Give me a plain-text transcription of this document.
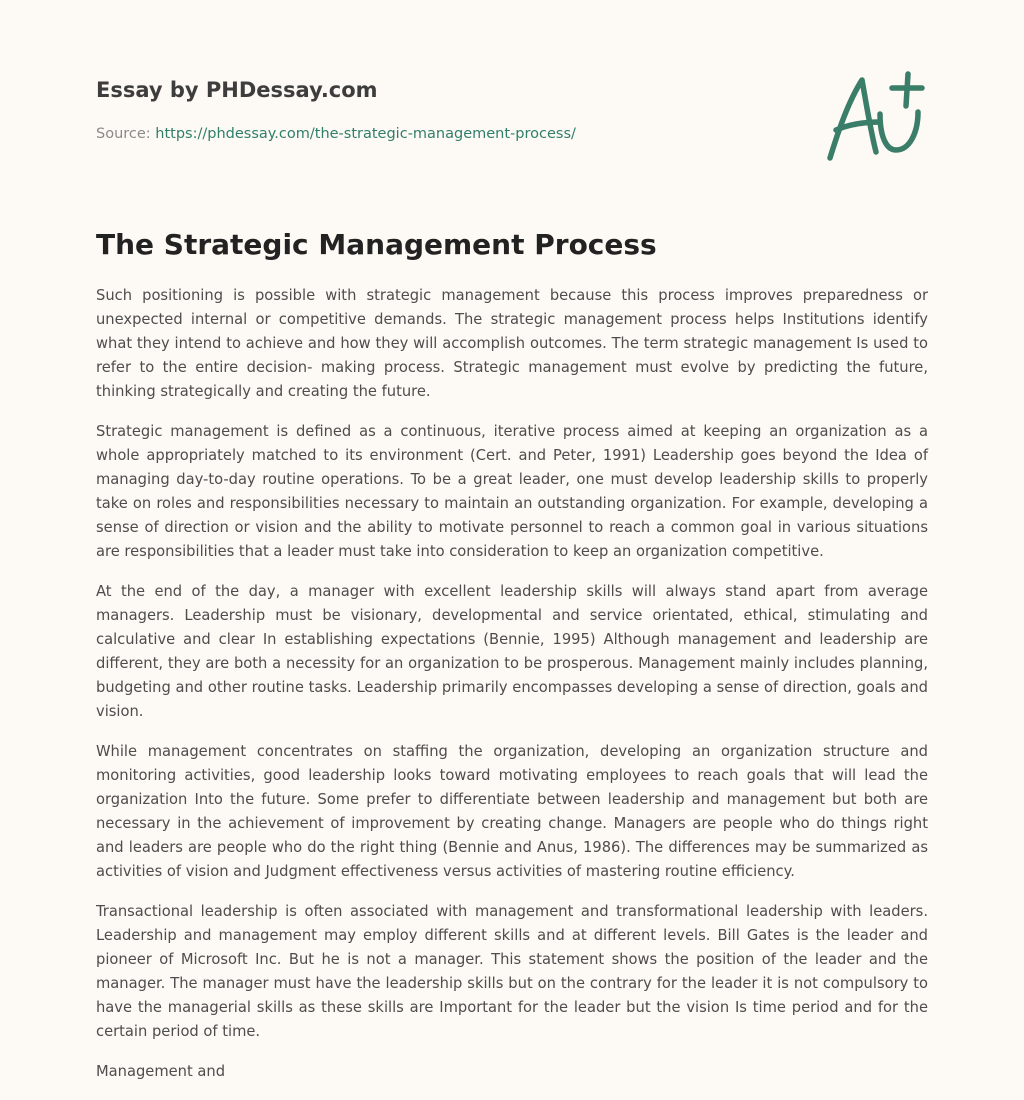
Essay by PHDessay.com
Source: https://phdessay.com/the-strategic-management-process/
The Strategic Management Process

Such positioning is possible with strategic management because this process improves preparedness or unexpected internal or competitive demands. The strategic management process helps Institutions identify what they intend to achieve and how they will accomplish outcomes. The term strategic management Is used to refer to the entire decision- making process. Strategic management must evolve by predicting the future, thinking strategically and creating the future.

Strategic management is defined as a continuous, iterative process aimed at keeping an organization as a whole appropriately matched to its environment (Cert. and Peter, 1991) Leadership goes beyond the Idea of managing day-to-day routine operations. To be a great leader, one must develop leadership skills to properly take on roles and responsibilities necessary to maintain an outstanding organization. For example, developing a sense of direction or vision and the ability to motivate personnel to reach a common goal in various situations are responsibilities that a leader must take into consideration to keep an organization competitive.

At the end of the day, a manager with excellent leadership skills will always stand apart from average managers. Leadership must be visionary, developmental and service orientated, ethical, stimulating and calculative and clear In establishing expectations (Bennie, 1995) Although management and leadership are different, they are both a necessity for an organization to be prosperous. Management mainly includes planning, budgeting and other routine tasks. Leadership primarily encompasses developing a sense of direction, goals and vision.

While management concentrates on staffing the organization, developing an organization structure and monitoring activities, good leadership looks toward motivating employees to reach goals that will lead the organization Into the future. Some prefer to differentiate between leadership and management but both are necessary in the achievement of improvement by creating change. Managers are people who do things right and leaders are people who do the right thing (Bennie and Anus, 1986). The differences may be summarized as activities of vision and Judgment effectiveness versus activities of mastering routine efficiency.

Transactional leadership is often associated with management and transformational leadership with leaders. Leadership and management may employ different skills and at different levels. Bill Gates is the leader and pioneer of Microsoft Inc. But he is not a manager. This statement shows the position of the leader and the manager. The manager must have the leadership skills but on the contrary for the leader it is not compulsory to have the managerial skills as these skills are Important for the leader but the vision Is time period and for the certain period of time.

Management and
